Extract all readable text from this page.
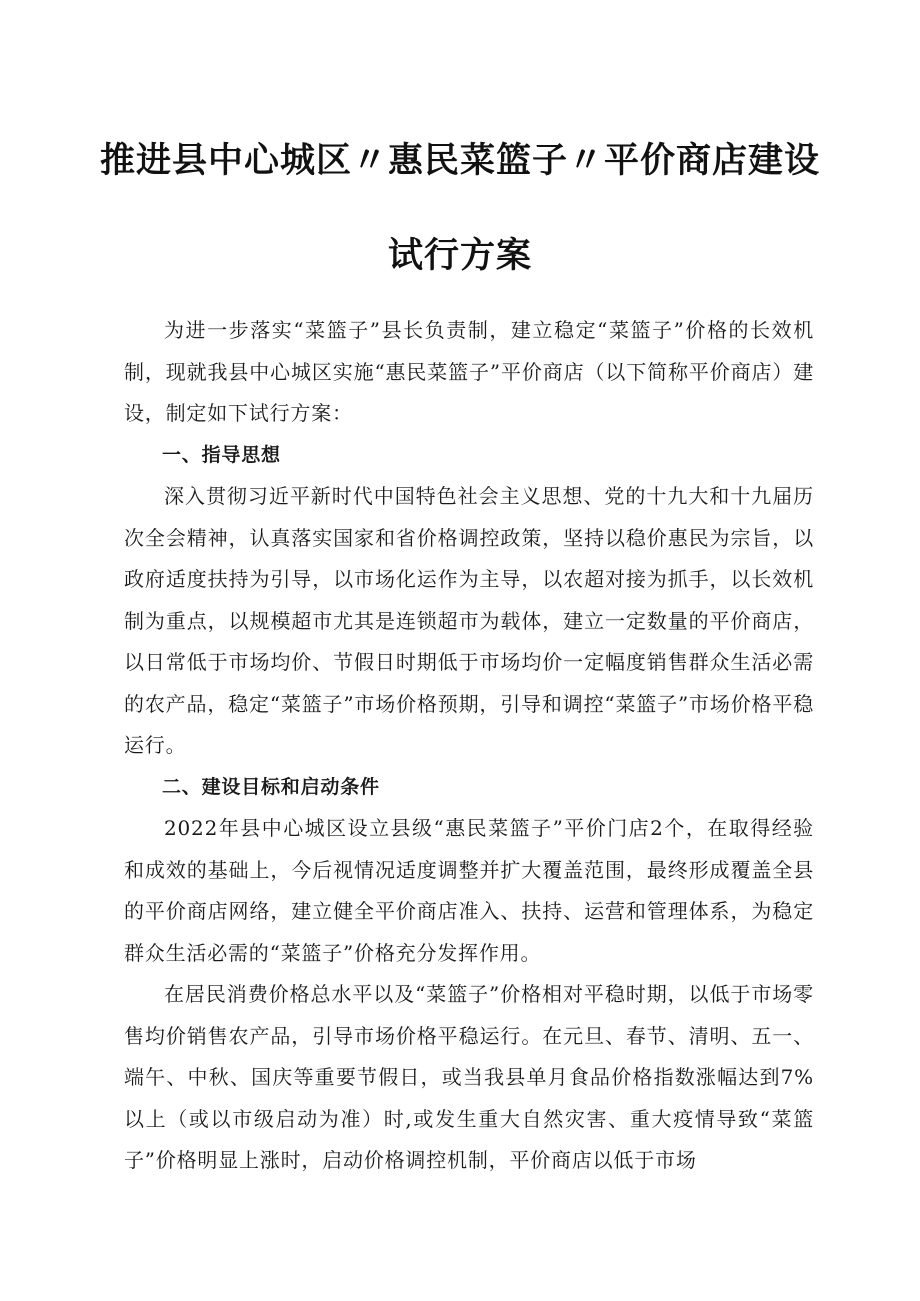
推进县中心城区〃惠民菜篮子〃平价商店建设
试行方案

为进一步落实“菜篮子”县长负责制，建立稳定“菜篮子”价格的长效机制，现就我县中心城区实施“惠民菜篮子”平价商店（以下简称平价商店）建设，制定如下试行方案：

一、指导思想

深入贯彻习近平新时代中国特色社会主义思想、党的十九大和十九届历次全会精神，认真落实国家和省价格调控政策，坚持以稳价惠民为宗旨，以政府适度扶持为引导，以市场化运作为主导，以农超对接为抓手，以长效机制为重点，以规模超市尤其是连锁超市为载体，建立一定数量的平价商店，以日常低于市场均价、节假日时期低于市场均价一定幅度销售群众生活必需的农产品，稳定“菜篮子”市场价格预期，引导和调控“菜篮子”市场价格平稳运行。

二、建设目标和启动条件

2022年县中心城区设立县级“惠民菜篮子”平价门店2个，在取得经验和成效的基础上，今后视情况适度调整并扩大覆盖范围，最终形成覆盖全县的平价商店网络，建立健全平价商店准入、扶持、运营和管理体系，为稳定群众生活必需的“菜篮子”价格充分发挥作用。

在居民消费价格总水平以及“菜篮子”价格相对平稳时期，以低于市场零售均价销售农产品，引导市场价格平稳运行。在元旦、春节、清明、五一、端午、中秋、国庆等重要节假日，或当我县单月食品价格指数涨幅达到7%以上（或以市级启动为准）时,或发生重大自然灾害、重大疫情导致“菜篮子”价格明显上涨时，启动价格调控机制，平价商店以低于市场
